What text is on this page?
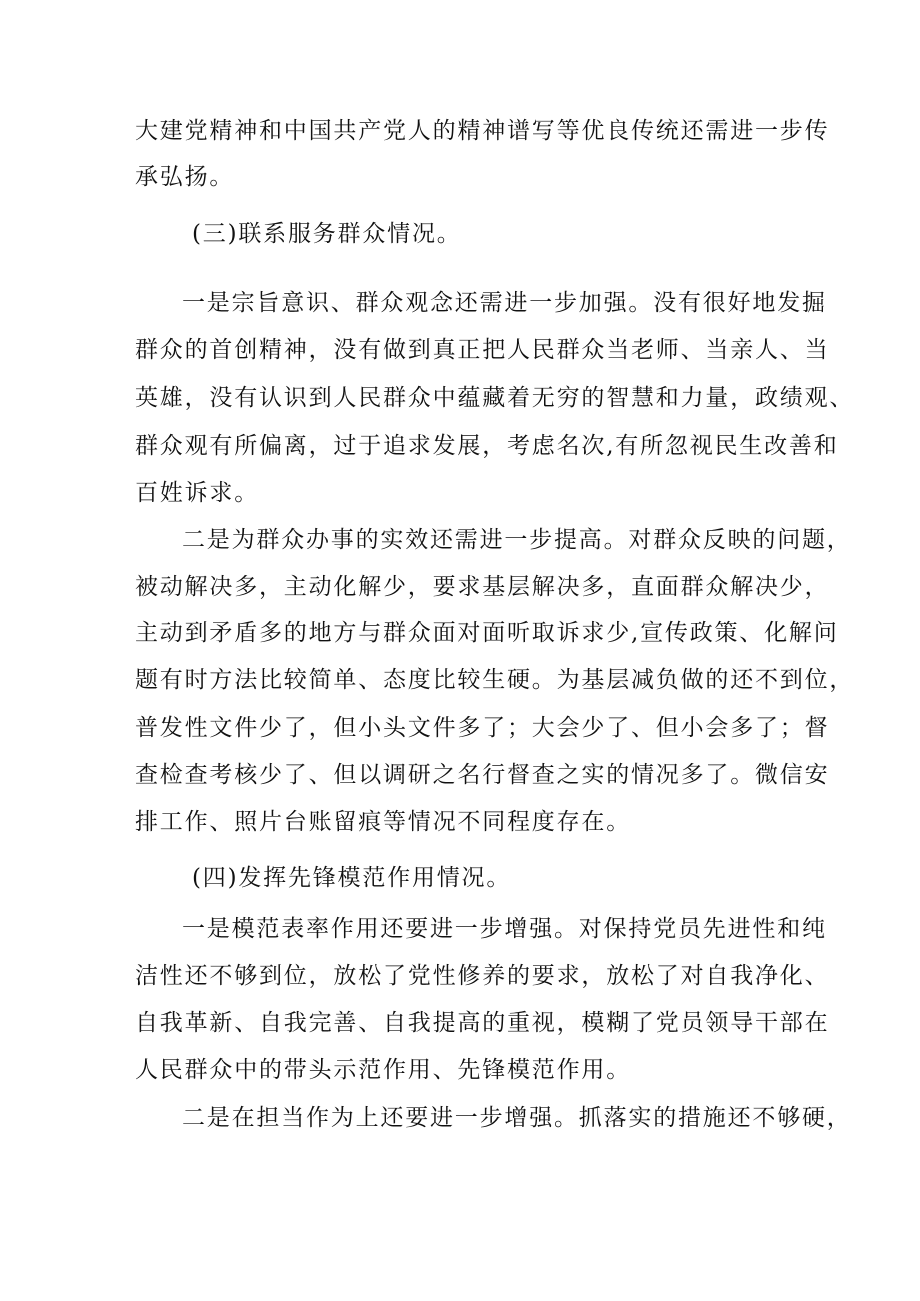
大建党精神和中国共产党人的精神谱写等优良传统还需进一步传
承弘扬。
(三)联系服务群众情况。
一是宗旨意识、群众观念还需进一步加强。没有很好地发掘
群众的首创精神，没有做到真正把人民群众当老师、当亲人、当
英雄，没有认识到人民群众中蕴藏着无穷的智慧和力量，政绩观、
群众观有所偏离，过于追求发展，考虑名次,有所忽视民生改善和
百姓诉求。
二是为群众办事的实效还需进一步提高。对群众反映的问题，
被动解决多，主动化解少，要求基层解决多，直面群众解决少，
主动到矛盾多的地方与群众面对面听取诉求少,宣传政策、化解问
题有时方法比较简单、态度比较生硬。为基层减负做的还不到位，
普发性文件少了，但小头文件多了；大会少了、但小会多了；督
查检查考核少了、但以调研之名行督查之实的情况多了。微信安
排工作、照片台账留痕等情况不同程度存在。
(四)发挥先锋模范作用情况。
一是模范表率作用还要进一步增强。对保持党员先进性和纯
洁性还不够到位，放松了党性修养的要求，放松了对自我净化、
自我革新、自我完善、自我提高的重视，模糊了党员领导干部在
人民群众中的带头示范作用、先锋模范作用。
二是在担当作为上还要进一步增强。抓落实的措施还不够硬，
